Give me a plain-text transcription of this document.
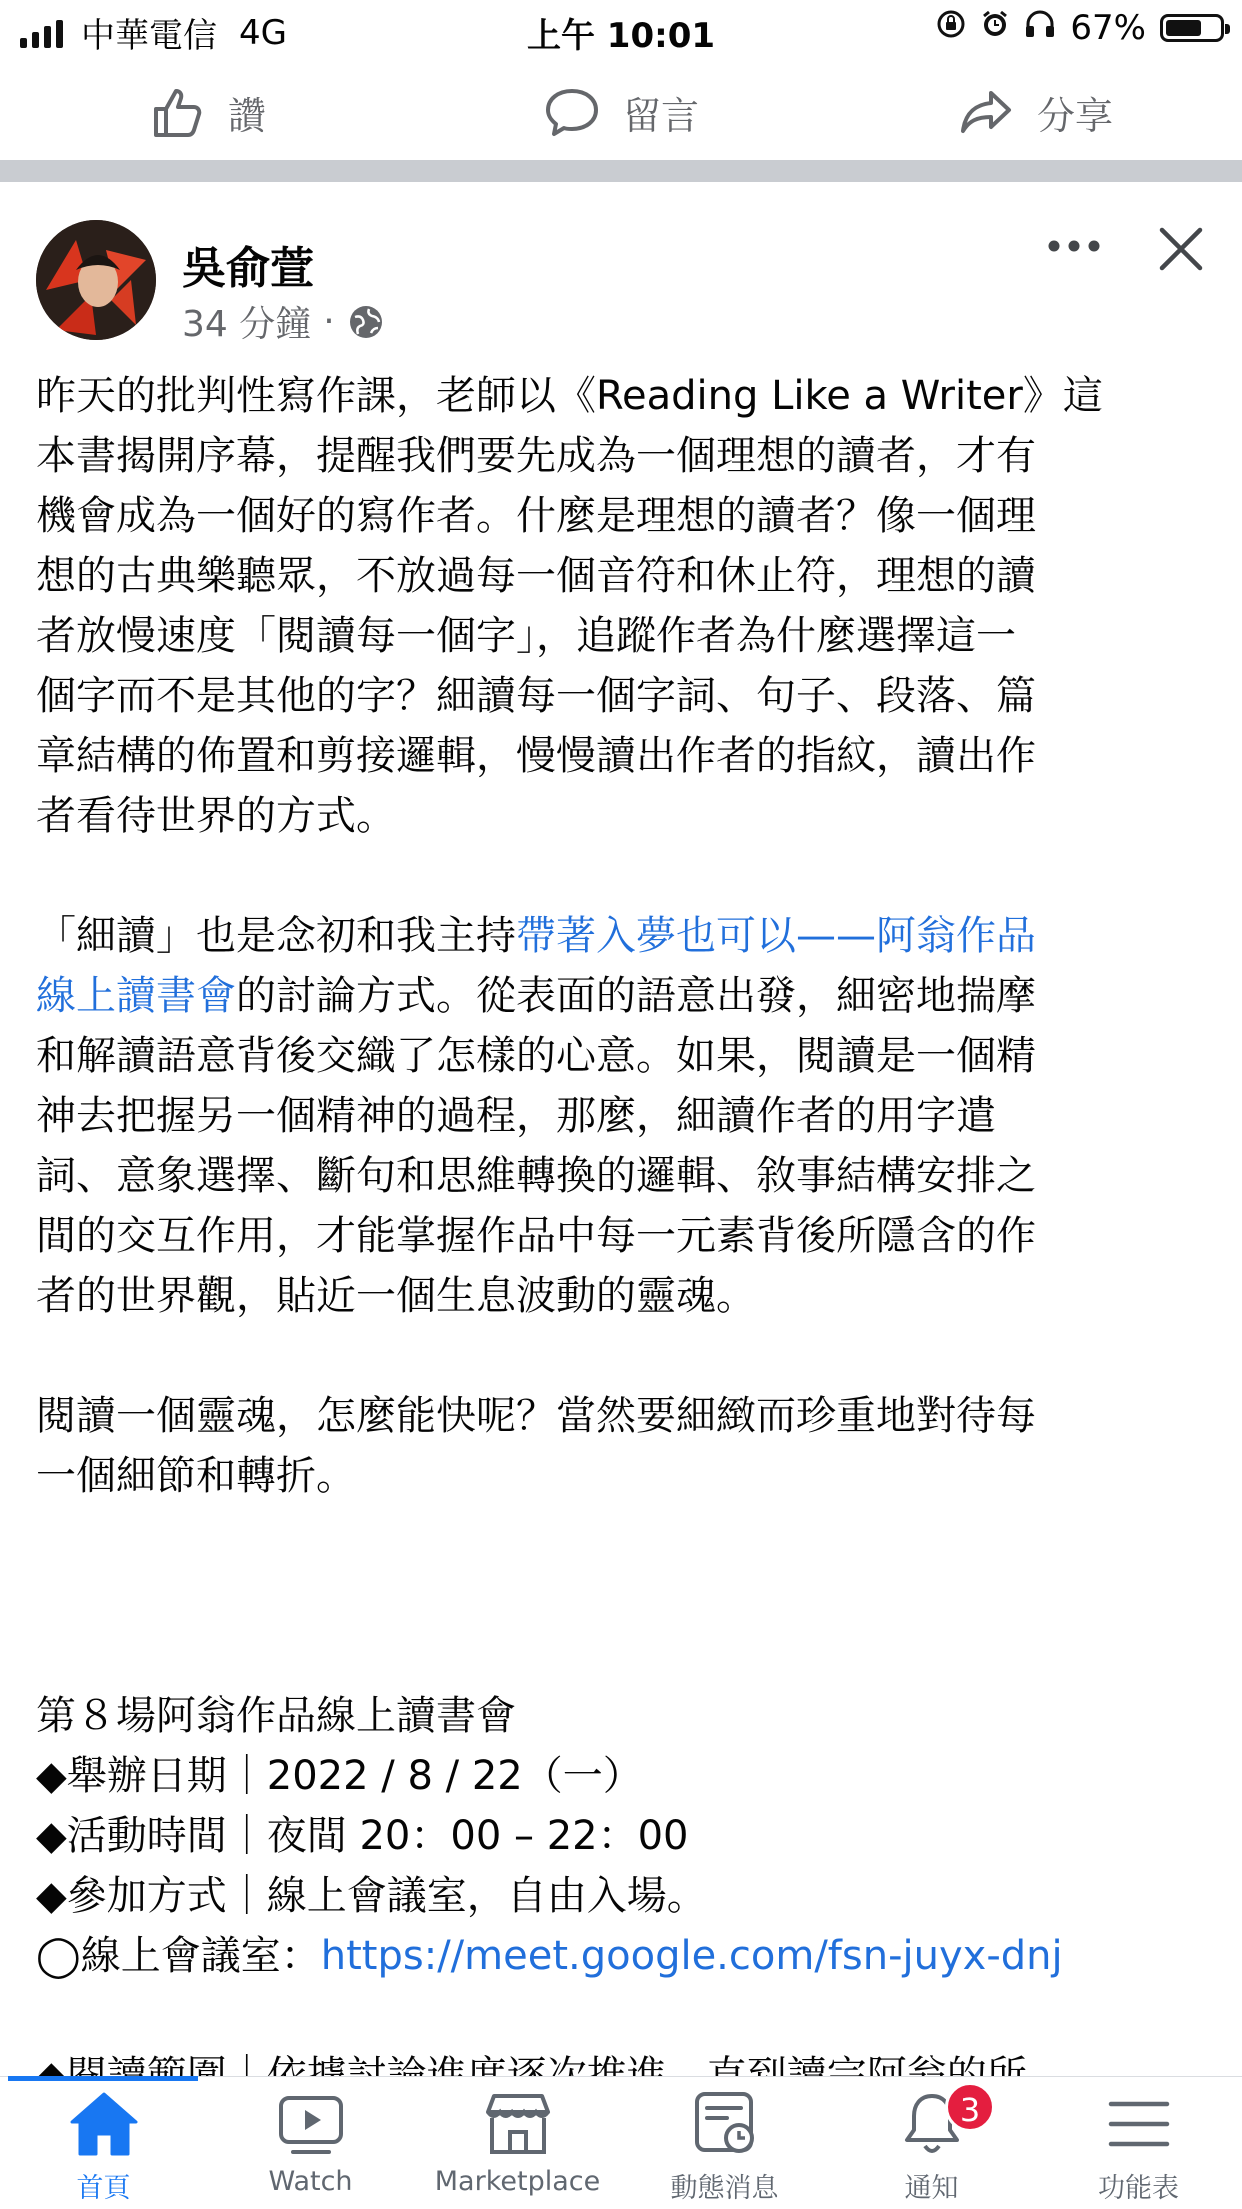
中華電信 4G	上午 10:01	67%
讚	留言	分享
吳俞萱
34 分鐘 ·
昨天的批判性寫作課，老師以《Reading Like a Writer》這
本書揭開序幕，提醒我們要先成為一個理想的讀者，才有
機會成為一個好的寫作者。什麼是理想的讀者？像一個理
想的古典樂聽眾，不放過每一個音符和休止符，理想的讀
者放慢速度「閱讀每一個字」，追蹤作者為什麼選擇這一
個字而不是其他的字？細讀每一個字詞、句子、段落、篇
章結構的佈置和剪接邏輯，慢慢讀出作者的指紋，讀出作
者看待世界的方式。
「細讀」也是念初和我主持帶著入夢也可以——阿翁作品
線上讀書會的討論方式。從表面的語意出發，細密地揣摩
和解讀語意背後交織了怎樣的心意。如果，閱讀是一個精
神去把握另一個精神的過程，那麼，細讀作者的用字遣
詞、意象選擇、斷句和思維轉換的邏輯、敘事結構安排之
間的交互作用，才能掌握作品中每一元素背後所隱含的作
者的世界觀，貼近一個生息波動的靈魂。
閱讀一個靈魂，怎麼能快呢？當然要細緻而珍重地對待每
一個細節和轉折。
第８場阿翁作品線上讀書會
◆舉辦日期｜2022 / 8 / 22（一）
◆活動時間｜夜間 20：00 – 22：00
◆參加方式｜線上會議室，自由入場。
◯線上會議室：https://meet.google.com/fsn-juyx-dnj
首頁	Watch	Marketplace	動態消息
3
通知	功能表
